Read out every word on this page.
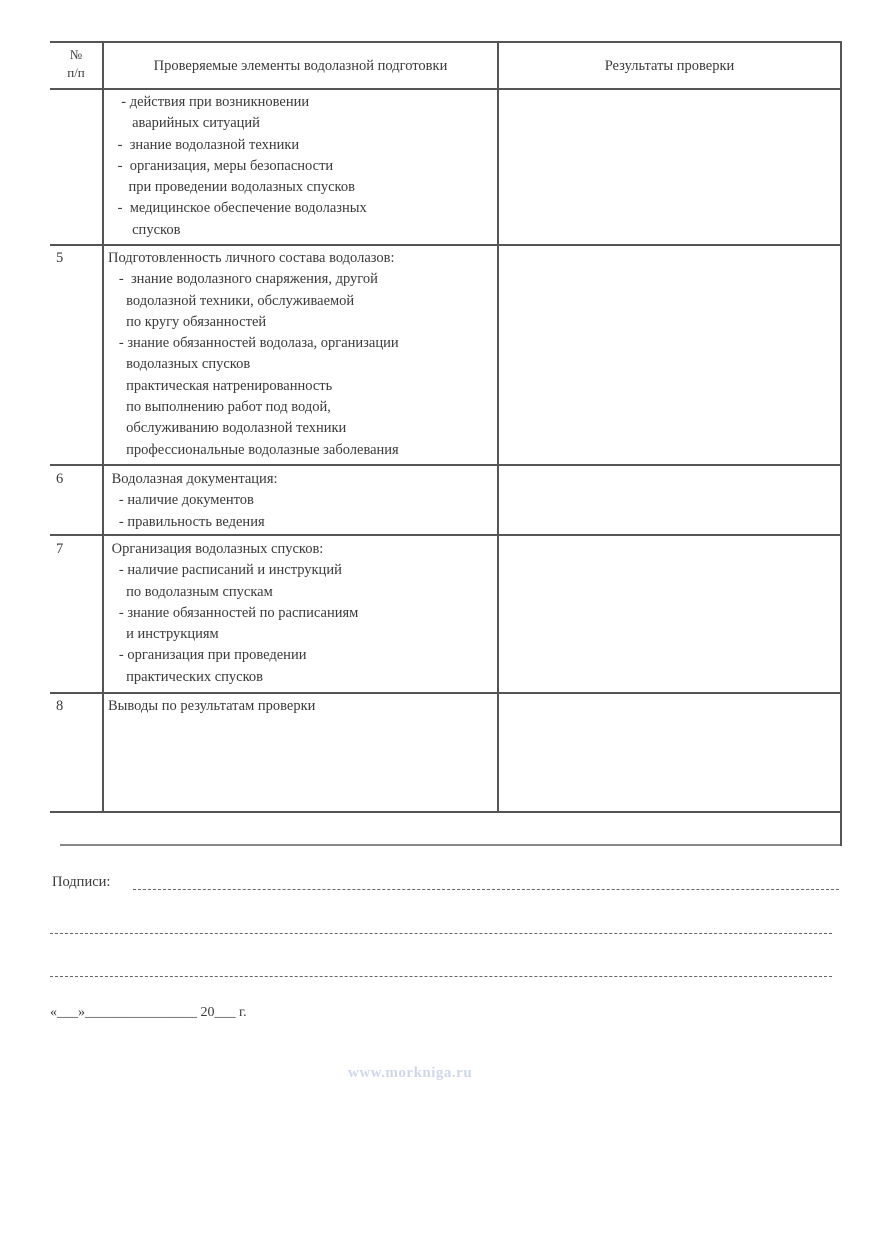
№
п/п	Проверяемые элементы водолазной подготовки	Результаты проверки
- действия при возникновении
аварийных ситуаций
-  знание водолазной техники
-  организация, меры безопасности
при проведении водолазных спусков
-  медицинское обеспечение водолазных
спусков
5	Подготовленность личного состава водолазов:
-  знание водолазного снаряжения, другой
водолазной техники, обслуживаемой
по кругу обязанностей
- знание обязанностей водолаза, организации
водолазных спусков
практическая натренированность
по выполнению работ под водой,
обслуживанию водолазной техники
профессиональные водолазные заболевания
6	Водолазная документация:
- наличие документов
- правильность ведения
7	Организация водолазных спусков:
- наличие расписаний и инструкций
по водолазным спускам
- знание обязанностей по расписаниям
и инструкциям
- организация при проведении
практических спусков
8	Выводы по результатам проверки
Подписи:
«___»________________ 20___ г.
www.morkniga.ru
